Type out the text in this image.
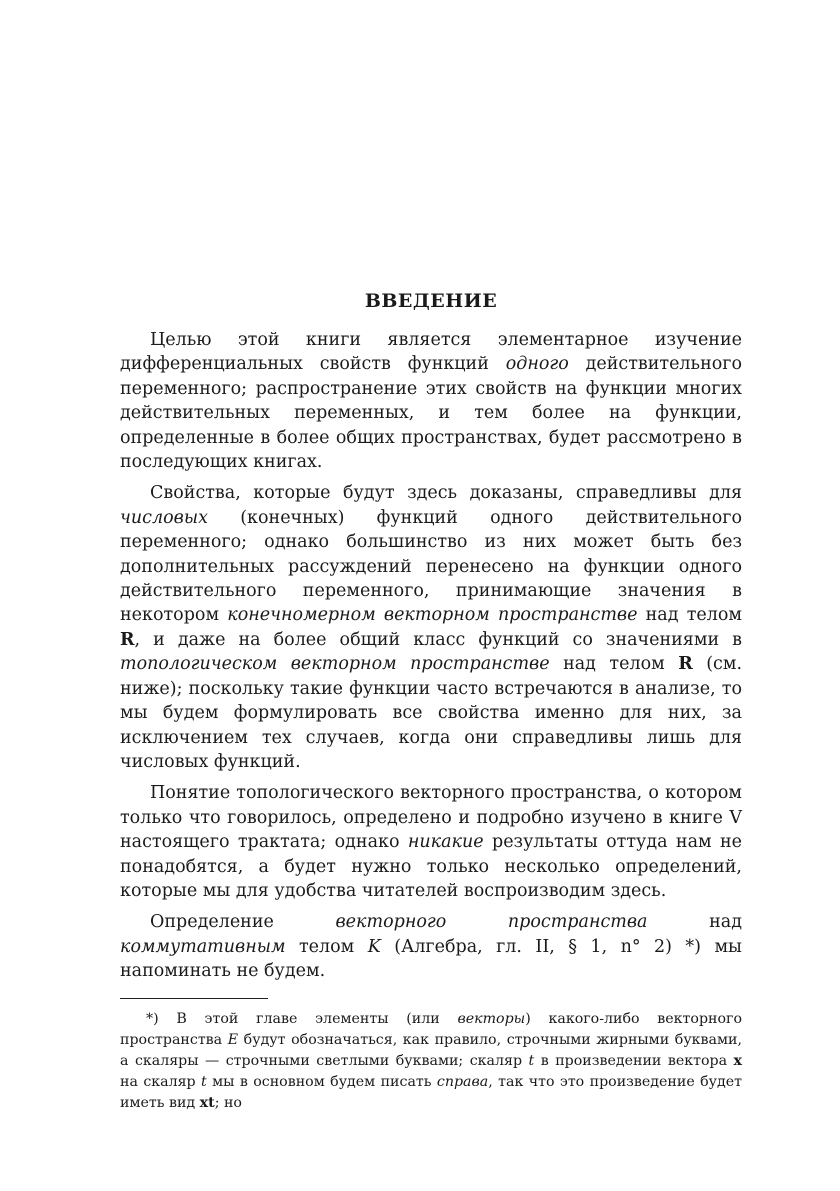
ВВЕДЕНИЕ

Целью этой книги является элементарное изучение дифференциальных свойств функций одного действительного переменного; распространение этих свойств на функции многих действительных переменных, и тем более на функции, определенные в более общих пространствах, будет рассмотрено в последующих книгах.

Свойства, которые будут здесь доказаны, справедливы для числовых (конечных) функций одного действительного переменного; однако большинство из них может быть без дополнительных рассуждений перенесено на функции одного действительного переменного, принимающие значения в некотором конечномерном векторном пространстве над телом R, и даже на более общий класс функций со значениями в топологическом векторном пространстве над телом R (см. ниже); поскольку такие функции часто встречаются в анализе, то мы будем формулировать все свойства именно для них, за исключением тех случаев, когда они справедливы лишь для числовых функций.

Понятие топологического векторного пространства, о котором только что говорилось, определено и подробно изучено в книге V настоящего трактата; однако никакие результаты оттуда нам не понадобятся, а будет нужно только несколько определений, которые мы для удобства читателей воспроизводим здесь.

Определение векторного пространства над коммутативным телом K (Алгебра, гл. II, § 1, n° 2) *) мы напоминать не будем.

*) В этой главе элементы (или векторы) какого-либо векторного пространства E будут обозначаться, как правило, строчными жирными буквами, а скаляры — строчными светлыми буквами; скаляр t в произведении вектора x на скаляр t мы в основном будем писать справа, так что это произведение будет иметь вид xt; но
